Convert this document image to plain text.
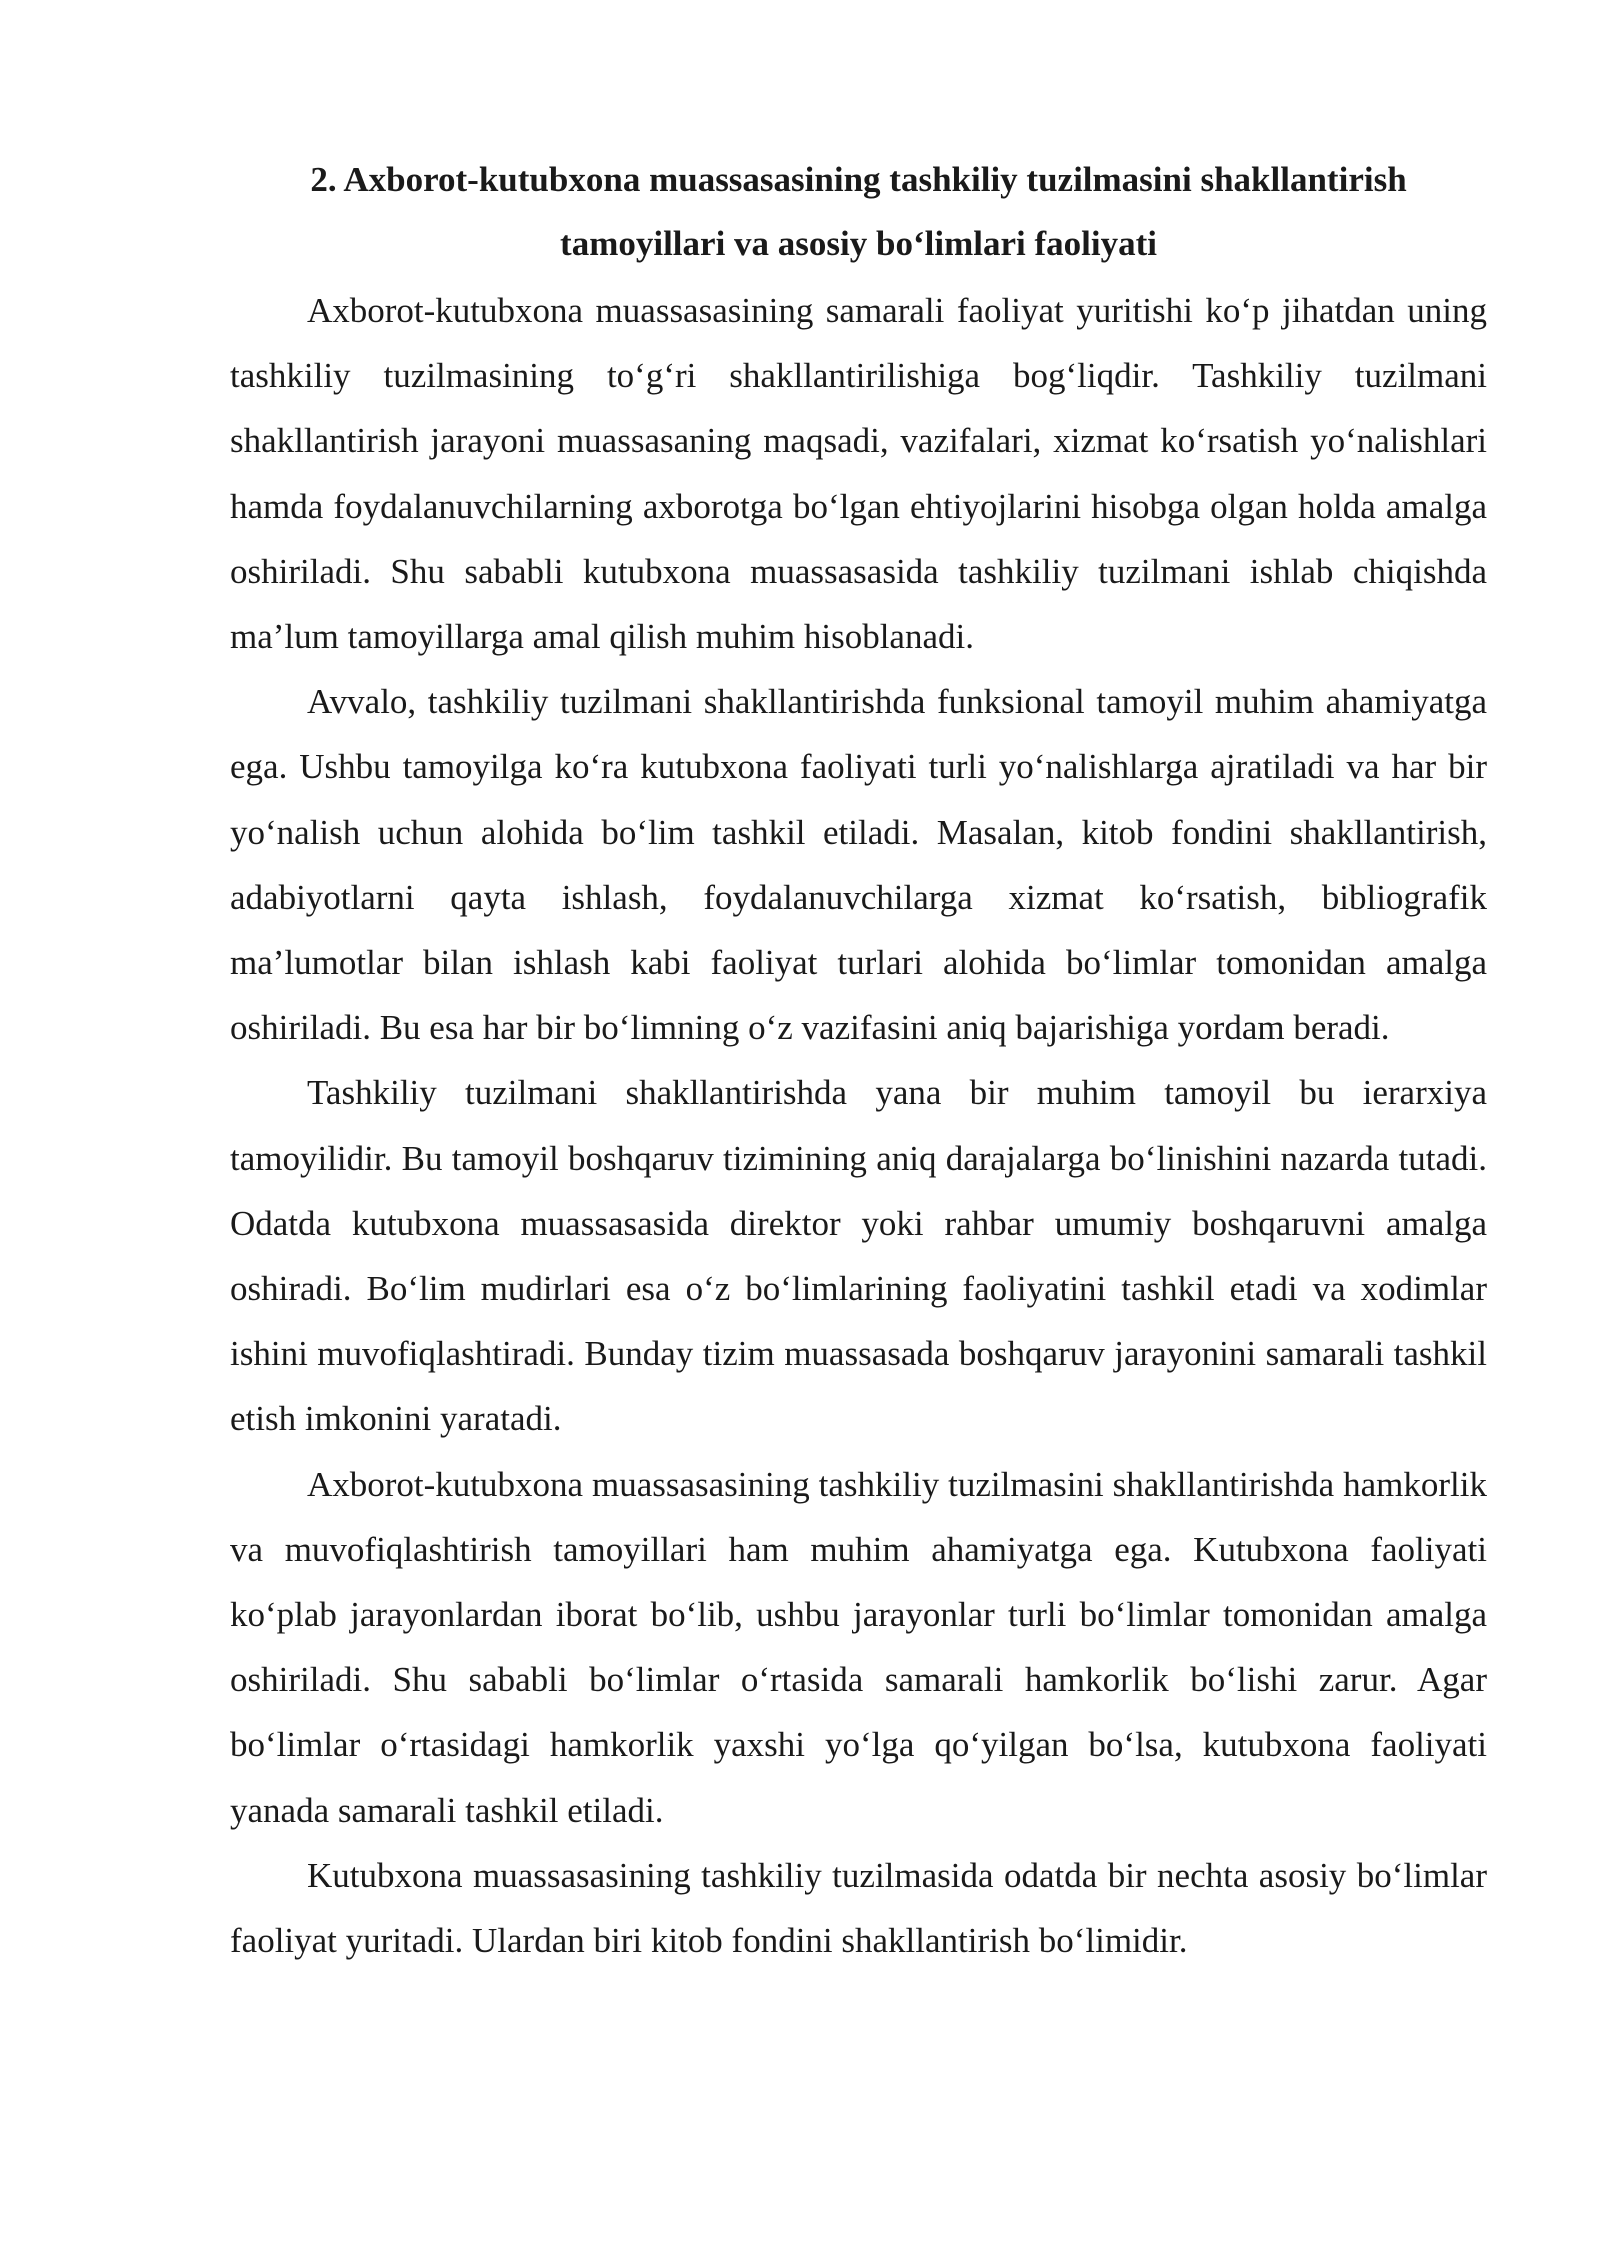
2. Axborot-kutubxona muassasasining tashkiliy tuzilmasini shakllantirish
tamoyillari va asosiy bo‘limlari faoliyati

Axborot-kutubxona muassasasining samarali faoliyat yuritishi ko‘p jihatdan uning tashkiliy tuzilmasining to‘g‘ri shakllantirilishiga bog‘liqdir. Tashkiliy tuzilmani shakllantirish jarayoni muassasaning maqsadi, vazifalari, xizmat ko‘rsatish yo‘nalishlari hamda foydalanuvchilarning axborotga bo‘lgan ehtiyojlarini hisobga olgan holda amalga oshiriladi. Shu sababli kutubxona muassasasida tashkiliy tuzilmani ishlab chiqishda ma’lum tamoyillarga amal qilish muhim hisoblanadi.

Avvalo, tashkiliy tuzilmani shakllantirishda funksional tamoyil muhim ahamiyatga ega. Ushbu tamoyilga ko‘ra kutubxona faoliyati turli yo‘nalishlarga ajratiladi va har bir yo‘nalish uchun alohida bo‘lim tashkil etiladi. Masalan, kitob fondini shakllantirish, adabiyotlarni qayta ishlash, foydalanuvchilarga xizmat ko‘rsatish, bibliografik ma’lumotlar bilan ishlash kabi faoliyat turlari alohida bo‘limlar tomonidan amalga oshiriladi. Bu esa har bir bo‘limning o‘z vazifasini aniq bajarishiga yordam beradi.

Tashkiliy tuzilmani shakllantirishda yana bir muhim tamoyil bu ierarxiya tamoyilidir. Bu tamoyil boshqaruv tizimining aniq darajalarga bo‘linishini nazarda tutadi. Odatda kutubxona muassasasida direktor yoki rahbar umumiy boshqaruvni amalga oshiradi. Bo‘lim mudirlari esa o‘z bo‘limlarining faoliyatini tashkil etadi va xodimlar ishini muvofiqlashtiradi. Bunday tizim muassasada boshqaruv jarayonini samarali tashkil etish imkonini yaratadi.

Axborot-kutubxona muassasasining tashkiliy tuzilmasini shakllantirishda hamkorlik va muvofiqlashtirish tamoyillari ham muhim ahamiyatga ega. Kutubxona faoliyati ko‘plab jarayonlardan iborat bo‘lib, ushbu jarayonlar turli bo‘limlar tomonidan amalga oshiriladi. Shu sababli bo‘limlar o‘rtasida samarali hamkorlik bo‘lishi zarur. Agar bo‘limlar o‘rtasidagi hamkorlik yaxshi yo‘lga qo‘yilgan bo‘lsa, kutubxona faoliyati yanada samarali tashkil etiladi.

Kutubxona muassasasining tashkiliy tuzilmasida odatda bir nechta asosiy bo‘limlar faoliyat yuritadi. Ulardan biri kitob fondini shakllantirish bo‘limidir.
